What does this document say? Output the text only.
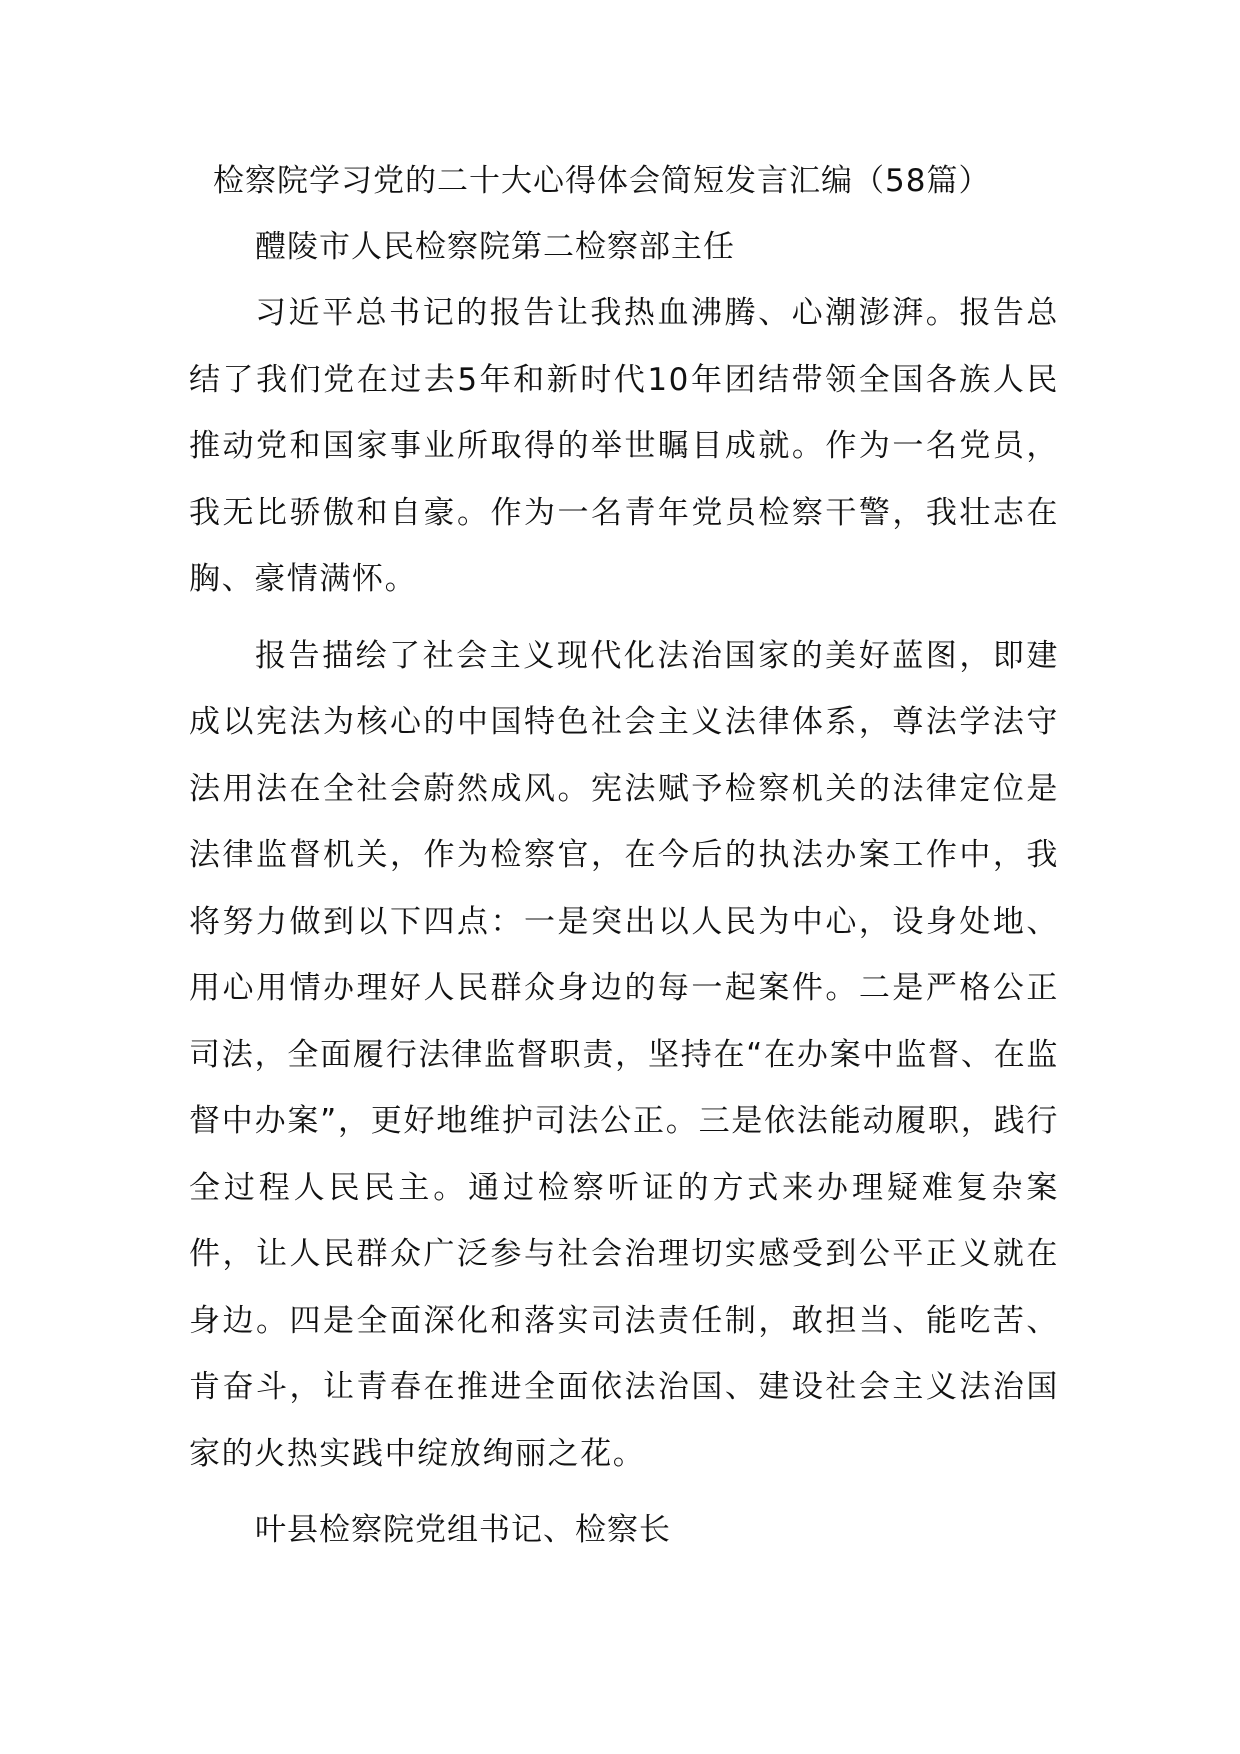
检察院学习党的二十大心得体会简短发言汇编（58篇）
醴陵市人民检察院第二检察部主任

习近平总书记的报告让我热血沸腾、心潮澎湃。报告总结了我们党在过去5年和新时代10年团结带领全国各族人民推动党和国家事业所取得的举世瞩目成就。作为一名党员，我无比骄傲和自豪。作为一名青年党员检察干警，我壮志在胸、豪情满怀。

报告描绘了社会主义现代化法治国家的美好蓝图，即建成以宪法为核心的中国特色社会主义法律体系，尊法学法守法用法在全社会蔚然成风。宪法赋予检察机关的法律定位是法律监督机关，作为检察官，在今后的执法办案工作中，我将努力做到以下四点：一是突出以人民为中心，设身处地、用心用情办理好人民群众身边的每一起案件。二是严格公正司法，全面履行法律监督职责，坚持在“在办案中监督、在监督中办案”，更好地维护司法公正。三是依法能动履职，践行全过程人民民主。通过检察听证的方式来办理疑难复杂案件，让人民群众广泛参与社会治理切实感受到公平正义就在身边。四是全面深化和落实司法责任制，敢担当、能吃苦、肯奋斗，让青春在推进全面依法治国、建设社会主义法治国家的火热实践中绽放绚丽之花。

叶县检察院党组书记、检察长
